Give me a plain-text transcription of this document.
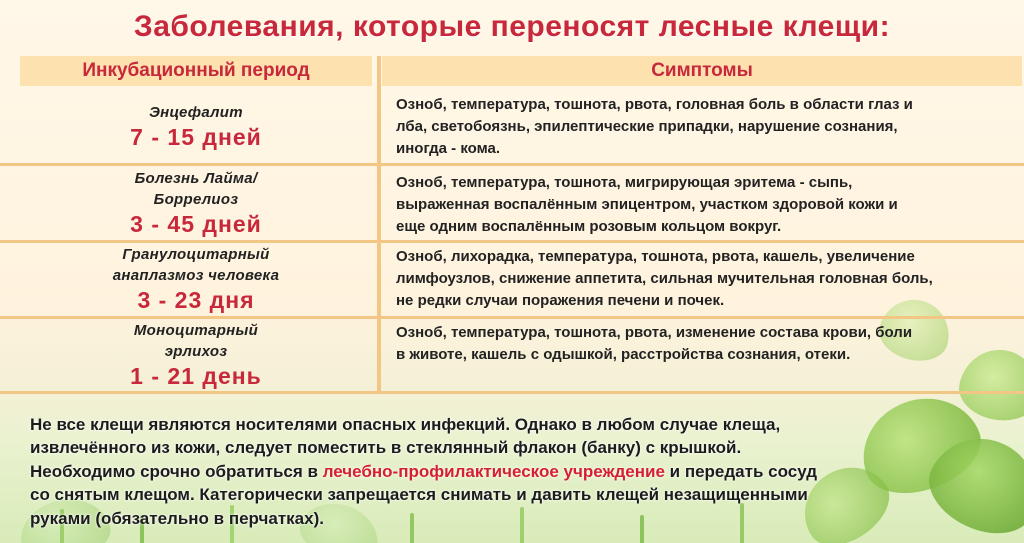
Заболевания, которые переносят лесные клещи:
Инкубационный период	Симптомы
Энцефалит
7 - 15 дней
Озноб, температура, тошнота, рвота, головная боль в области глаз и
лба, светобоязнь, эпилептические припадки, нарушение сознания,
иногда - кома.
Болезнь Лайма/
Боррелиоз
3 - 45 дней
Озноб, температура, тошнота, мигрирующая эритема - сыпь,
выраженная воспалённым эпицентром, участком здоровой кожи и
еще одним воспалённым розовым кольцом вокруг.
Гранулоцитарный
анаплазмоз человека
3 - 23 дня
Озноб, лихорадка, температура, тошнота, рвота, кашель, увеличение
лимфоузлов, снижение аппетита, сильная мучительная головная боль,
не редки случаи поражения печени и почек.
Моноцитарный
эрлихоз
1 - 21 день
Озноб, температура, тошнота, рвота, изменение состава крови, боли
в животе, кашель с одышкой, расстройства сознания, отеки.
Не все клещи являются носителями опасных инфекций. Однако в любом случае клеща,
извлечённого из кожи, следует поместить в стеклянный флакон (банку) с крышкой.
Необходимо срочно обратиться в лечебно-профилактическое учреждение и передать сосуд
со снятым клещом. Категорически запрещается снимать и давить клещей незащищенными
руками (обязательно в перчатках).
